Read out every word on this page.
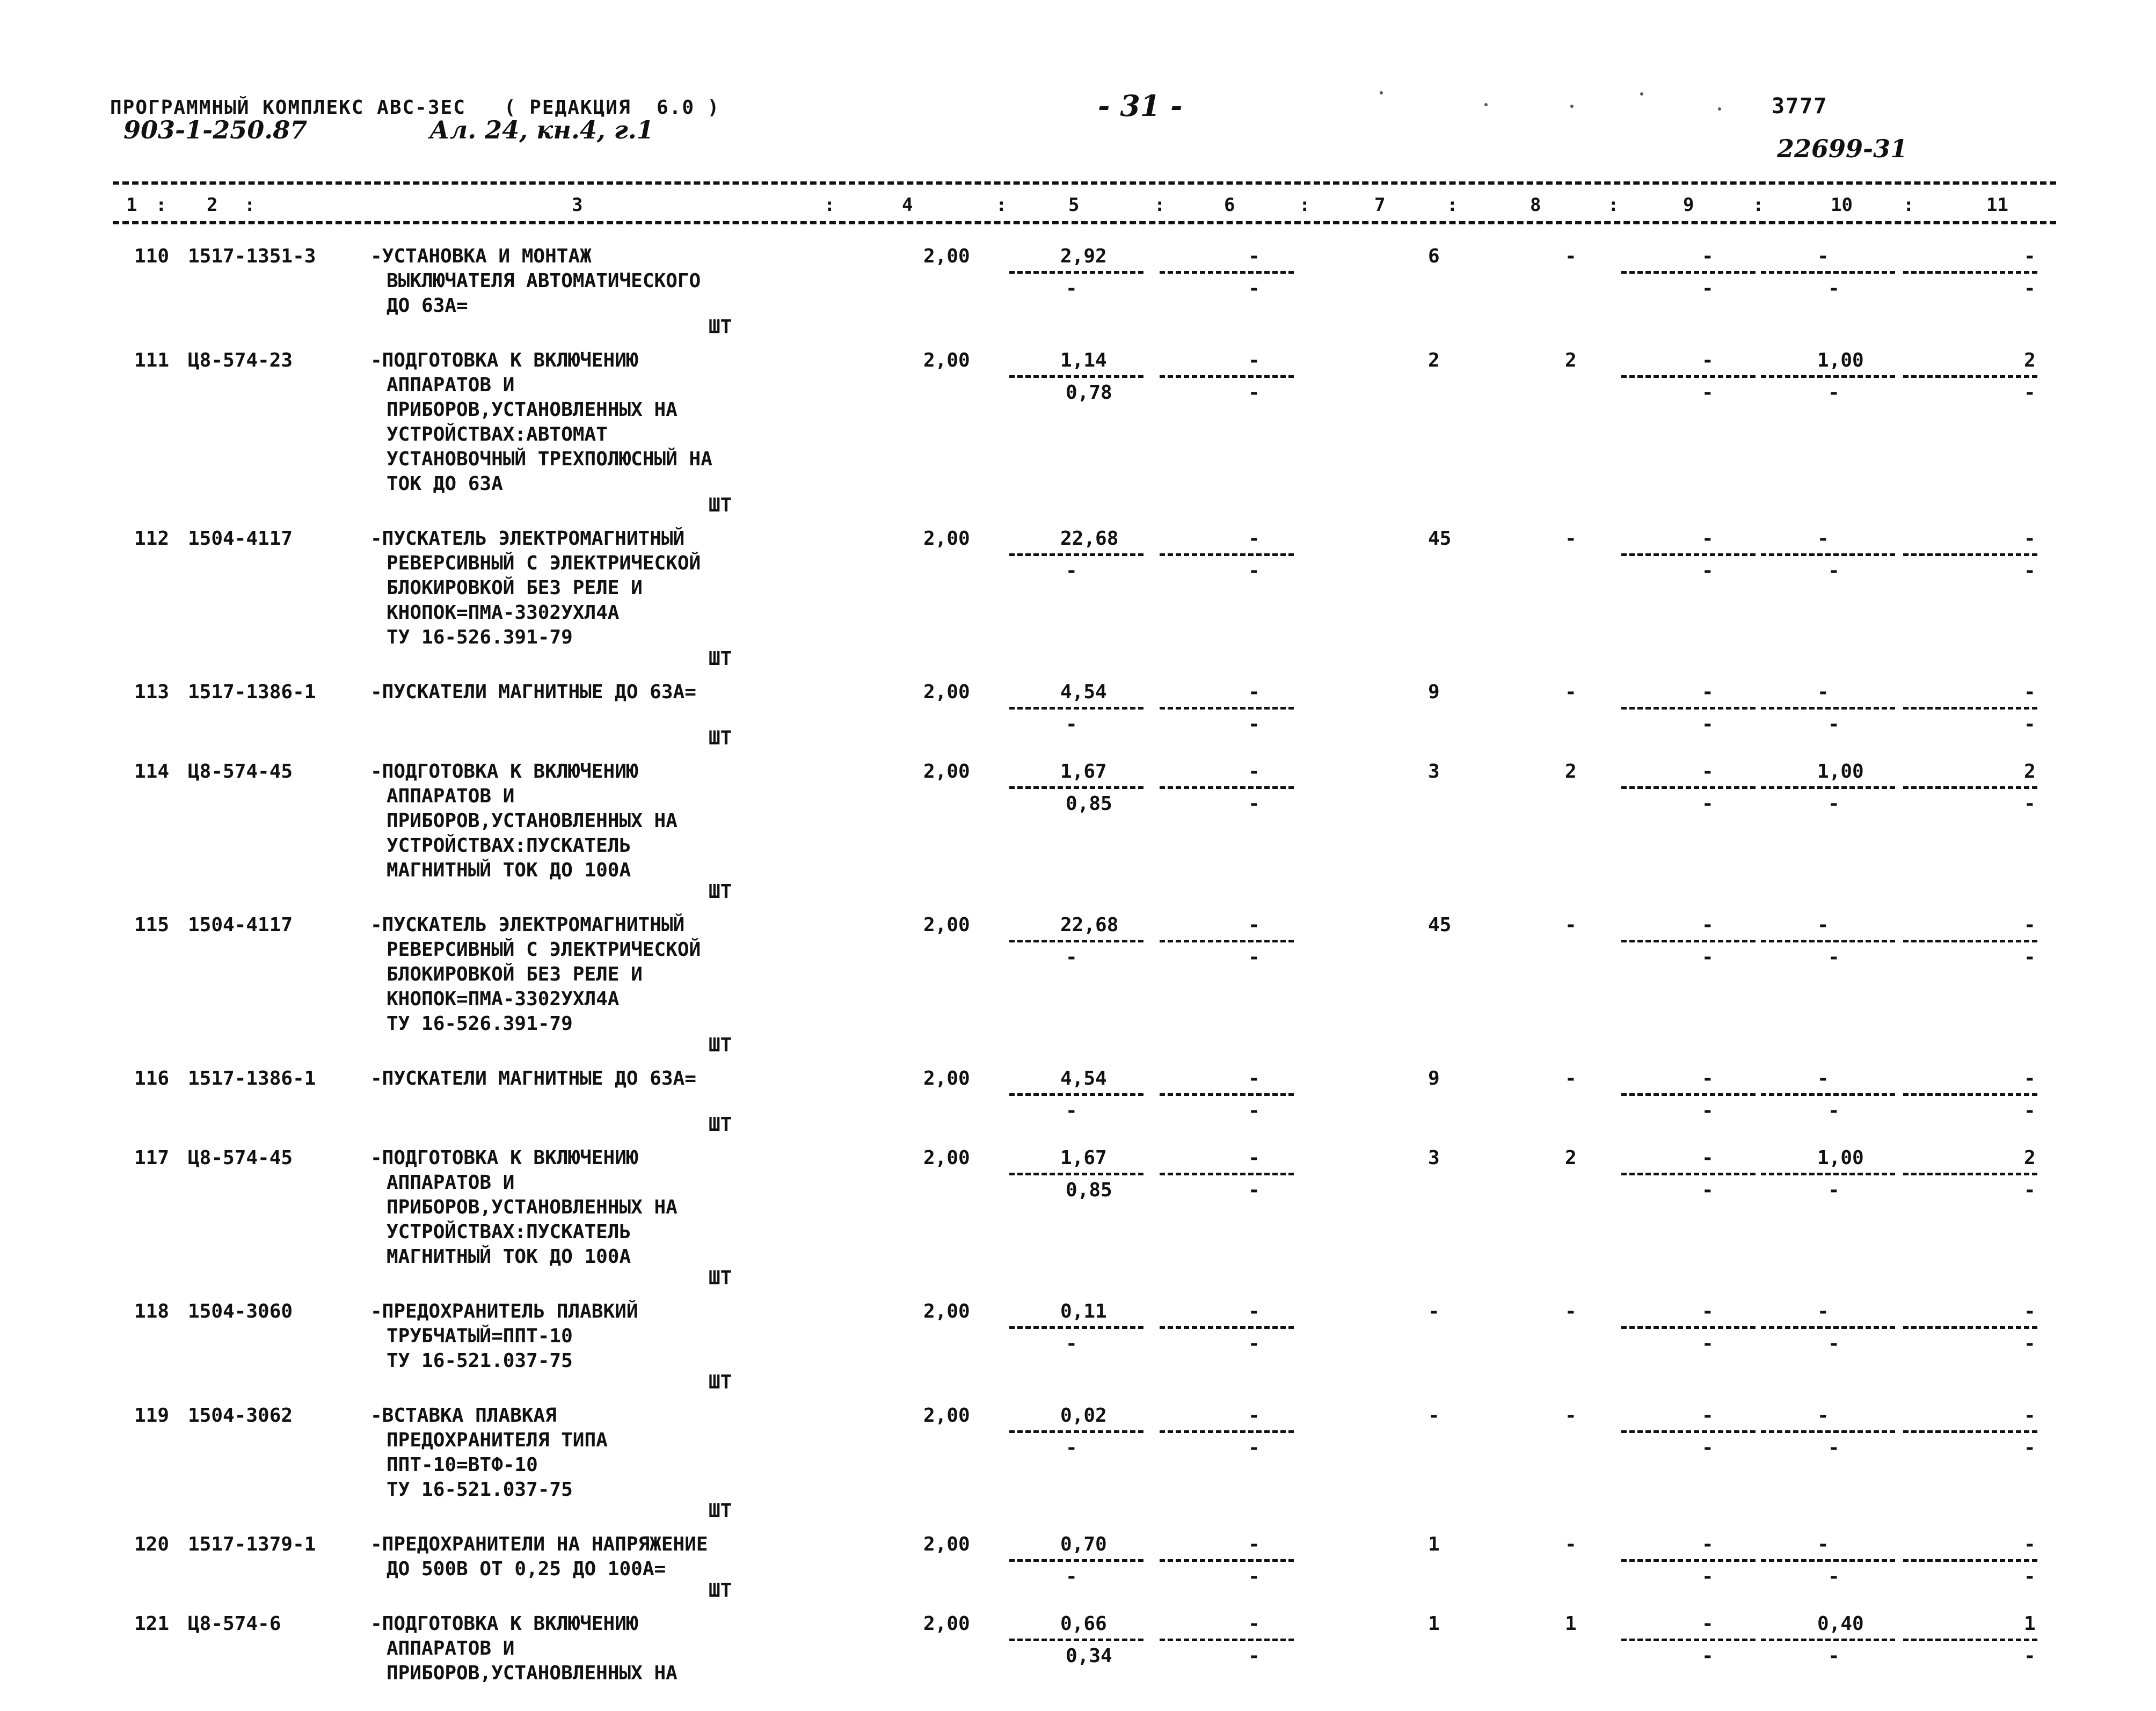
ПРОГРАММНЫЙ КОМПЛЕКС АВС-3ЕС   ( РЕДАКЦИЯ  6.0 )
903-1-250.87	Ал. 24, кн.4, г.1
- 31 -	3777
22699-31
1 : 2 :	3	:	4	:	5	:	6	:	7	:	8	:	9	:	10	:	11
110 1517-1351-3	-УСТАНОВКА И МОНТАЖ
ВЫКЛЮЧАТЕЛЯ АВТОМАТИЧЕСКОГО
ДО 63А=
2,00	2,92	-	6	-	-	-	-
-	-	-	-	-
ШТ
111 Ц8-574-23	-ПОДГОТОВКА К ВКЛЮЧЕНИЮ
АППАРАТОВ И
ПРИБОРОВ,УСТАНОВЛЕННЫХ НА
УСТРОЙСТВАХ:АВТОМАТ
УСТАНОВОЧНЫЙ ТРЕХПОЛЮСНЫЙ НА
ТОК ДО 63А
2,00	1,14	-	2	2	-	1,00	2
0,78	-	-	-	-
ШТ
112 1504-4117	-ПУСКАТЕЛЬ ЭЛЕКТРОМАГНИТНЫЙ
РЕВЕРСИВНЫЙ С ЭЛЕКТРИЧЕСКОЙ
БЛОКИРОВКОЙ БЕЗ РЕЛЕ И
КНОПОК=ПМА-3302УХЛ4А
ТУ 16-526.391-79
2,00	22,68	-	45	-	-	-	-
-	-	-	-	-
ШТ
113 1517-1386-1	-ПУСКАТЕЛИ МАГНИТНЫЕ ДО 63А=	2,00	4,54	-	9	-	-	-	-
-	-	-	-	-
ШТ
114 Ц8-574-45	-ПОДГОТОВКА К ВКЛЮЧЕНИЮ
АППАРАТОВ И
ПРИБОРОВ,УСТАНОВЛЕННЫХ НА
УСТРОЙСТВАХ:ПУСКАТЕЛЬ
МАГНИТНЫЙ ТОК ДО 100А
2,00	1,67	-	3	2	-	1,00	2
0,85	-	-	-	-
ШТ
115 1504-4117	-ПУСКАТЕЛЬ ЭЛЕКТРОМАГНИТНЫЙ
РЕВЕРСИВНЫЙ С ЭЛЕКТРИЧЕСКОЙ
БЛОКИРОВКОЙ БЕЗ РЕЛЕ И
КНОПОК=ПМА-3302УХЛ4А
ТУ 16-526.391-79
2,00	22,68	-	45	-	-	-	-
-	-	-	-	-
ШТ
116 1517-1386-1	-ПУСКАТЕЛИ МАГНИТНЫЕ ДО 63А=	2,00	4,54	-	9	-	-	-	-
-	-	-	-	-
ШТ
117 Ц8-574-45	-ПОДГОТОВКА К ВКЛЮЧЕНИЮ
АППАРАТОВ И
ПРИБОРОВ,УСТАНОВЛЕННЫХ НА
УСТРОЙСТВАХ:ПУСКАТЕЛЬ
МАГНИТНЫЙ ТОК ДО 100А
2,00	1,67	-	3	2	-	1,00	2
0,85	-	-	-	-
ШТ
118 1504-3060	-ПРЕДОХРАНИТЕЛЬ ПЛАВКИЙ
ТРУБЧАТЫЙ=ППТ-10
ТУ 16-521.037-75
2,00	0,11	-	-	-	-	-	-
-	-	-	-	-
ШТ
119 1504-3062	-ВСТАВКА ПЛАВКАЯ
ПРЕДОХРАНИТЕЛЯ ТИПА
ППТ-10=ВТФ-10
ТУ 16-521.037-75
2,00	0,02	-	-	-	-	-	-
-	-	-	-	-
ШТ
120 1517-1379-1	-ПРЕДОХРАНИТЕЛИ НА НАПРЯЖЕНИЕ
ДО 500В ОТ 0,25 ДО 100А=
2,00	0,70	-	1	-	-	-	-
-	-	-	-	-
ШТ
121 Ц8-574-6	-ПОДГОТОВКА К ВКЛЮЧЕНИЮ
АППАРАТОВ И
ПРИБОРОВ,УСТАНОВЛЕННЫХ НА
2,00	0,66	-	1	1	-	0,40	1
0,34	-	-	-	-
